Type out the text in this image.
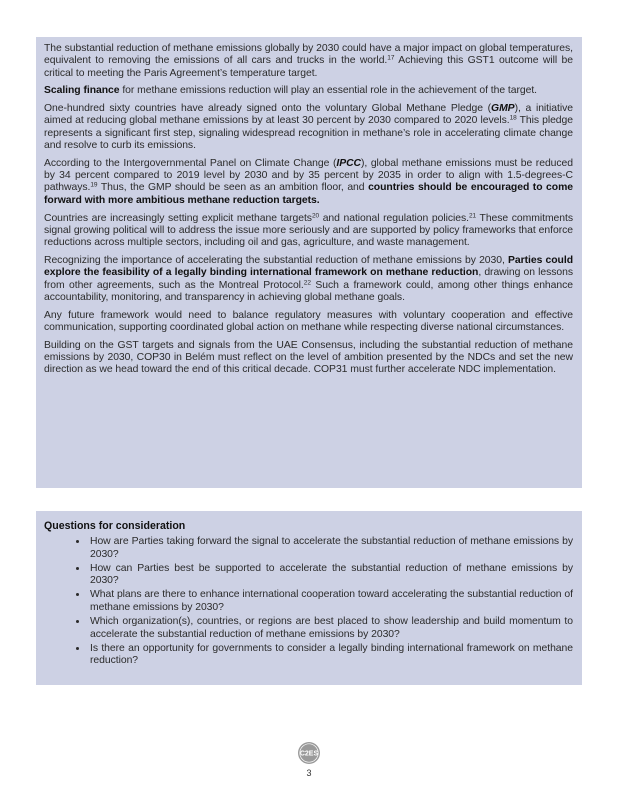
The substantial reduction of methane emissions globally by 2030 could have a major impact on global temperatures, equivalent to removing the emissions of all cars and trucks in the world.$^{17}$ Achieving this GST1 outcome will be critical to meeting the Paris Agreement’s temperature target.

Scaling finance for methane emissions reduction will play an essential role in the achievement of the target.

One-hundred sixty countries have already signed onto the voluntary Global Methane Pledge (GMP), a initiative aimed at reducing global methane emissions by at least 30 percent by 2030 compared to 2020 levels.$^{18}$ This pledge represents a significant first step, signaling widespread recognition in methane’s role in accelerating climate change and resolve to curb its emissions.

According to the Intergovernmental Panel on Climate Change (IPCC), global methane emissions must be reduced by 34 percent compared to 2019 level by 2030 and by 35 percent by 2035 in order to align with 1.5-degrees-C pathways.$^{19}$ Thus, the GMP should be seen as an ambition floor, and countries should be encouraged to come forward with more ambitious methane reduction targets.

Countries are increasingly setting explicit methane targets$^{20}$ and national regulation policies.$^{21}$ These commitments signal growing political will to address the issue more seriously and are supported by policy frameworks that enforce reductions across multiple sectors, including oil and gas, agriculture, and waste management.

Recognizing the importance of accelerating the substantial reduction of methane emissions by 2030, Parties could explore the feasibility of a legally binding international framework on methane reduction, drawing on lessons from other agreements, such as the Montreal Protocol.$^{22}$ Such a framework could, among other things enhance accountability, monitoring, and transparency in achieving global methane goals.

Any future framework would need to balance regulatory measures with voluntary cooperation and effective communication, supporting coordinated global action on methane while respecting diverse national circumstances.

Building on the GST targets and signals from the UAE Consensus, including the substantial reduction of methane emissions by 2030, COP30 in Belém must reflect on the level of ambition presented by the NDCs and set the new direction as we head toward the end of this critical decade. COP31 must further accelerate NDC implementation.

Questions for consideration
• How are Parties taking forward the signal to accelerate the substantial reduction of methane emissions by 2030?
• How can Parties best be supported to accelerate the substantial reduction of methane emissions by 2030?
• What plans are there to enhance international cooperation toward accelerating the substantial reduction of methane emissions by 2030?
• Which organization(s), countries, or regions are best placed to show leadership and build momentum to accelerate the substantial reduction of methane emissions by 2030?
• Is there an opportunity for governments to consider a legally binding international framework on methane reduction?
C2ES
3
